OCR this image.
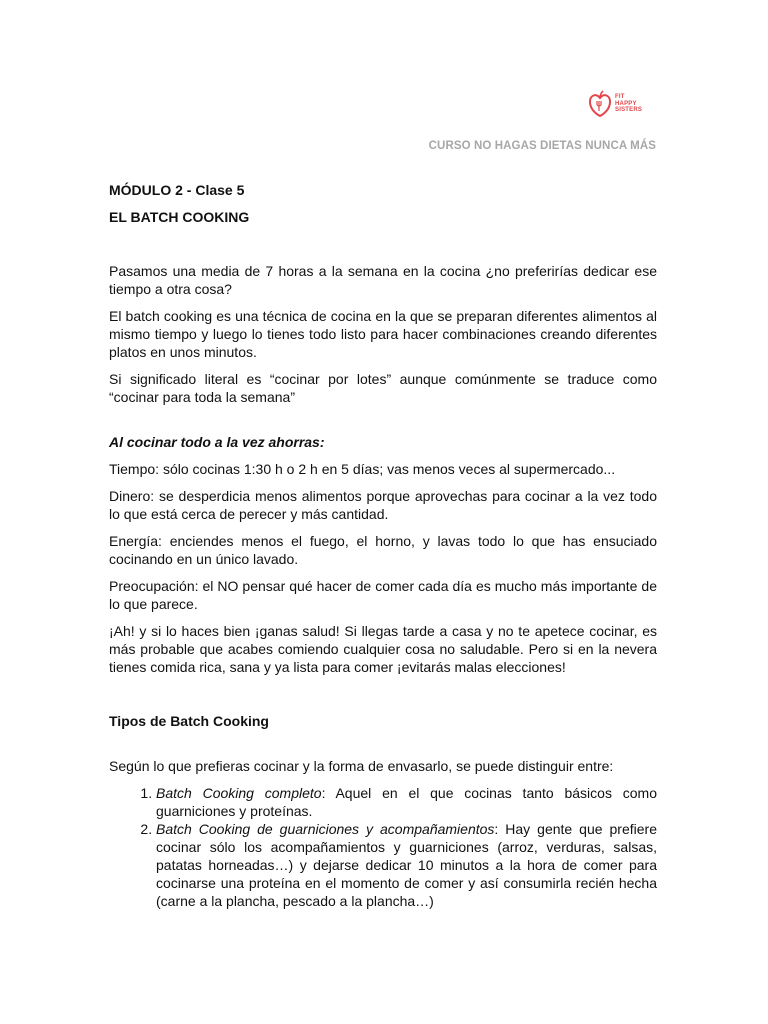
FIT
HAPPY
SISTERS
CURSO NO HAGAS DIETAS NUNCA MÁS

MÓDULO 2 - Clase 5

EL BATCH COOKING

Pasamos una media de 7 horas a la semana en la cocina ¿no preferirías dedicar ese tiempo a otra cosa?

El batch cooking es una técnica de cocina en la que se preparan diferentes alimentos al mismo tiempo y luego lo tienes todo listo para hacer combinaciones creando diferentes platos en unos minutos.

Si significado literal es “cocinar por lotes” aunque comúnmente se traduce como “cocinar para toda la semana”

Al cocinar todo a la vez ahorras:

Tiempo: sólo cocinas 1:30 h o 2 h en 5 días; vas menos veces al supermercado...

Dinero: se desperdicia menos alimentos porque aprovechas para cocinar a la vez todo lo que está cerca de perecer y más cantidad.

Energía: enciendes menos el fuego, el horno, y lavas todo lo que has ensuciado cocinando en un único lavado.

Preocupación: el NO pensar qué hacer de comer cada día es mucho más importante de lo que parece.

¡Ah! y si lo haces bien ¡ganas salud! Si llegas tarde a casa y no te apetece cocinar, es más probable que acabes comiendo cualquier cosa no saludable. Pero si en la nevera tienes comida rica, sana y ya lista para comer ¡evitarás malas elecciones!

Tipos de Batch Cooking

Según lo que prefieras cocinar y la forma de envasarlo, se puede distinguir entre:

1. Batch Cooking completo: Aquel en el que cocinas tanto básicos como guarniciones y proteínas.
2. Batch Cooking de guarniciones y acompañamientos: Hay gente que prefiere cocinar sólo los acompañamientos y guarniciones (arroz, verduras, salsas, patatas horneadas…) y dejarse dedicar 10 minutos a la hora de comer para cocinarse una proteína en el momento de comer y así consumirla recién hecha (carne a la plancha, pescado a la plancha…)
